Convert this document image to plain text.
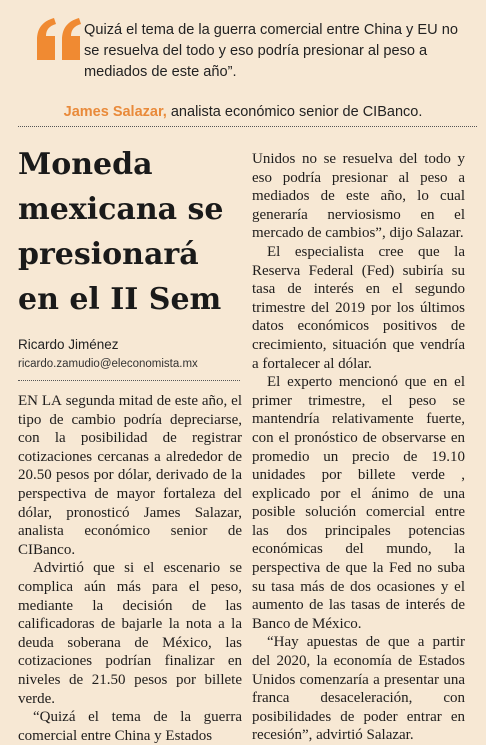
Quizá el tema de la guerra comercial entre China y EU no se resuelva del todo y eso podría presionar al peso a mediados de este año”.
James Salazar, analista económico senior de CIBanco.
Moneda mexicana se presionará en el II Sem
Ricardo Jiménez
ricardo.zamudio@eleconomista.mx

EN LA segunda mitad de este año, el tipo de cambio podría depreciarse, con la posibilidad de registrar cotizaciones cercanas a alrededor de 20.50 pesos por dólar, derivado de la perspectiva de mayor fortaleza del dólar, pronosticó James Salazar, analista económico senior de CIBanco.

Advirtió que si el escenario se complica aún más para el peso, mediante la decisión de las calificadoras de bajarle la nota a la deuda soberana de México, las cotizaciones podrían finalizar en niveles de 21.50 pesos por billete verde.

“Quizá el tema de la guerra comercial entre China y Estados

Unidos no se resuelva del todo y eso podría presionar al peso a mediados de este año, lo cual generaría nerviosismo en el mercado de cambios”, dijo Salazar.

El especialista cree que la Reserva Federal (Fed) subiría su tasa de interés en el segundo trimestre del 2019 por los últimos datos económicos positivos de crecimiento, situación que vendría a fortalecer al dólar.

El experto mencionó que en el primer trimestre, el peso se mantendría relativamente fuerte, con el pronóstico de observarse en promedio un precio de 19.10 unidades por billete verde , explicado por el ánimo de una posible solución comercial entre las dos principales potencias económicas del mundo, la perspectiva de que la Fed no suba su tasa más de dos ocasiones y el aumento de las tasas de interés de Banco de México.

“Hay apuestas de que a partir del 2020, la economía de Estados Unidos comenzaría a presentar una franca desaceleración, con posibilidades de poder entrar en recesión”, advirtió Salazar.
